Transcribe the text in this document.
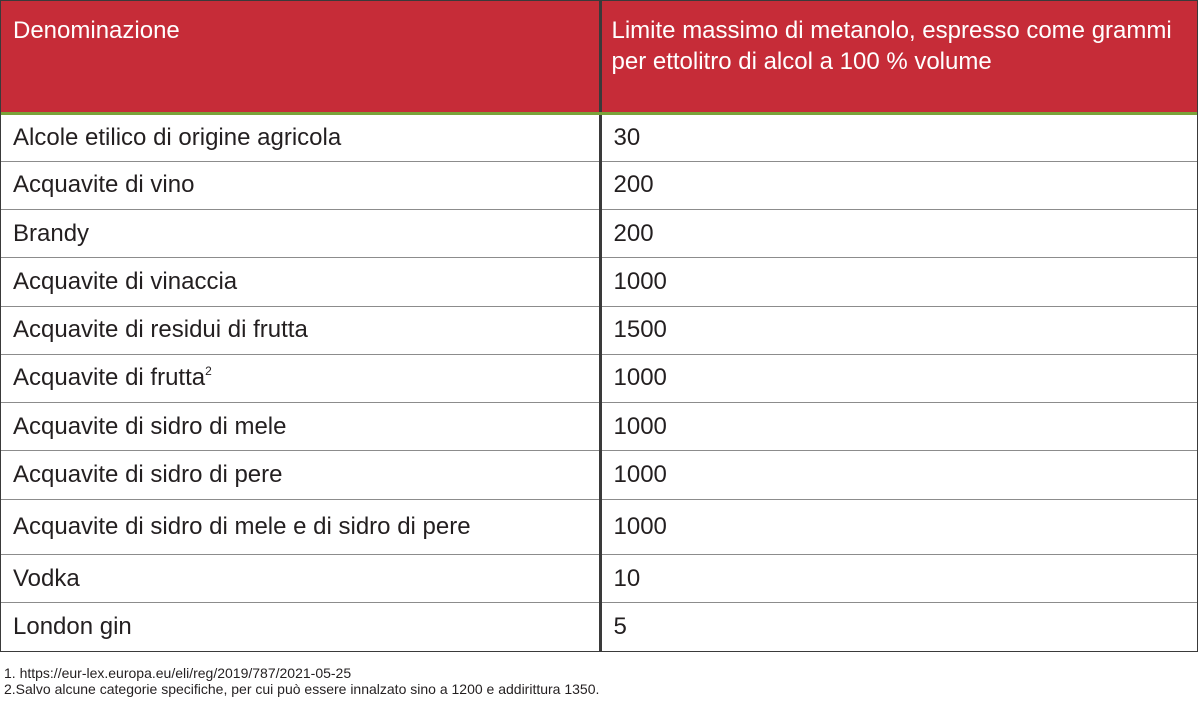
Denominazione	Limite massimo di metanolo, espresso come grammi per ettolitro di alcol a 100 % volume
Alcole etilico di origine agricola	30
Acquavite di vino	200
Brandy	200
Acquavite di vinaccia	1000
Acquavite di residui di frutta	1500
Acquavite di frutta$^2$	1000
Acquavite di sidro di mele	1000
Acquavite di sidro di pere	1000
Acquavite di sidro di mele e di sidro di pere	1000
Vodka	10
London gin	5
1. https://eur-lex.europa.eu/eli/reg/2019/787/2021-05-25
2.Salvo alcune categorie specifiche, per cui può essere innalzato sino a 1200 e addirittura 1350.
